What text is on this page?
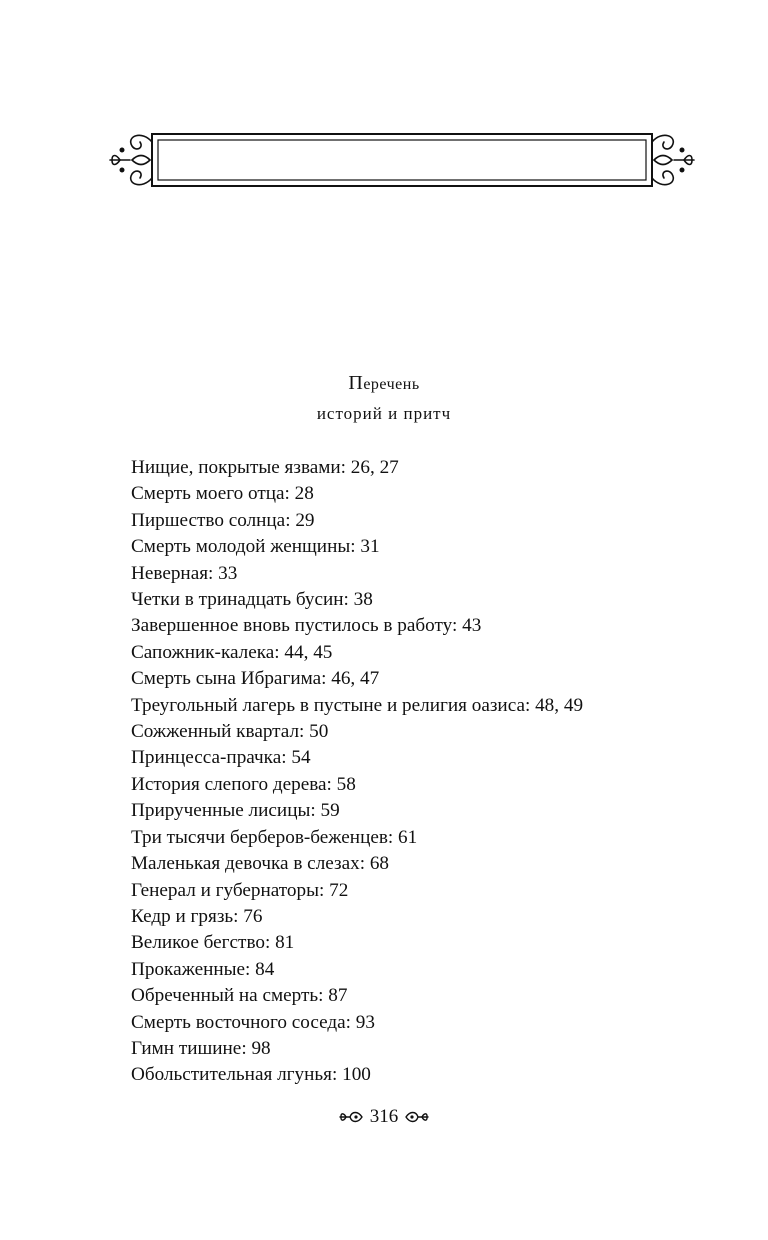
Перечень
историй и притч
Нищие, покрытые язвами: 26, 27
Смерть моего отца: 28
Пиршество солнца: 29
Смерть молодой женщины: 31
Неверная: 33
Четки в тринадцать бусин: 38
Завершенное вновь пустилось в работу: 43
Сапожник-калека: 44, 45
Смерть сына Ибрагима: 46, 47
Треугольный лагерь в пустыне и религия оазиса: 48, 49
Сожженный квартал: 50
Принцесса-прачка: 54
История слепого дерева: 58
Прирученные лисицы: 59
Три тысячи берберов-беженцев: 61
Маленькая девочка в слезах: 68
Генерал и губернаторы: 72
Кедр и грязь: 76
Великое бегство: 81
Прокаженные: 84
Обреченный на смерть: 87
Смерть восточного соседа: 93
Гимн тишине: 98
Обольстительная лгунья: 100
316
